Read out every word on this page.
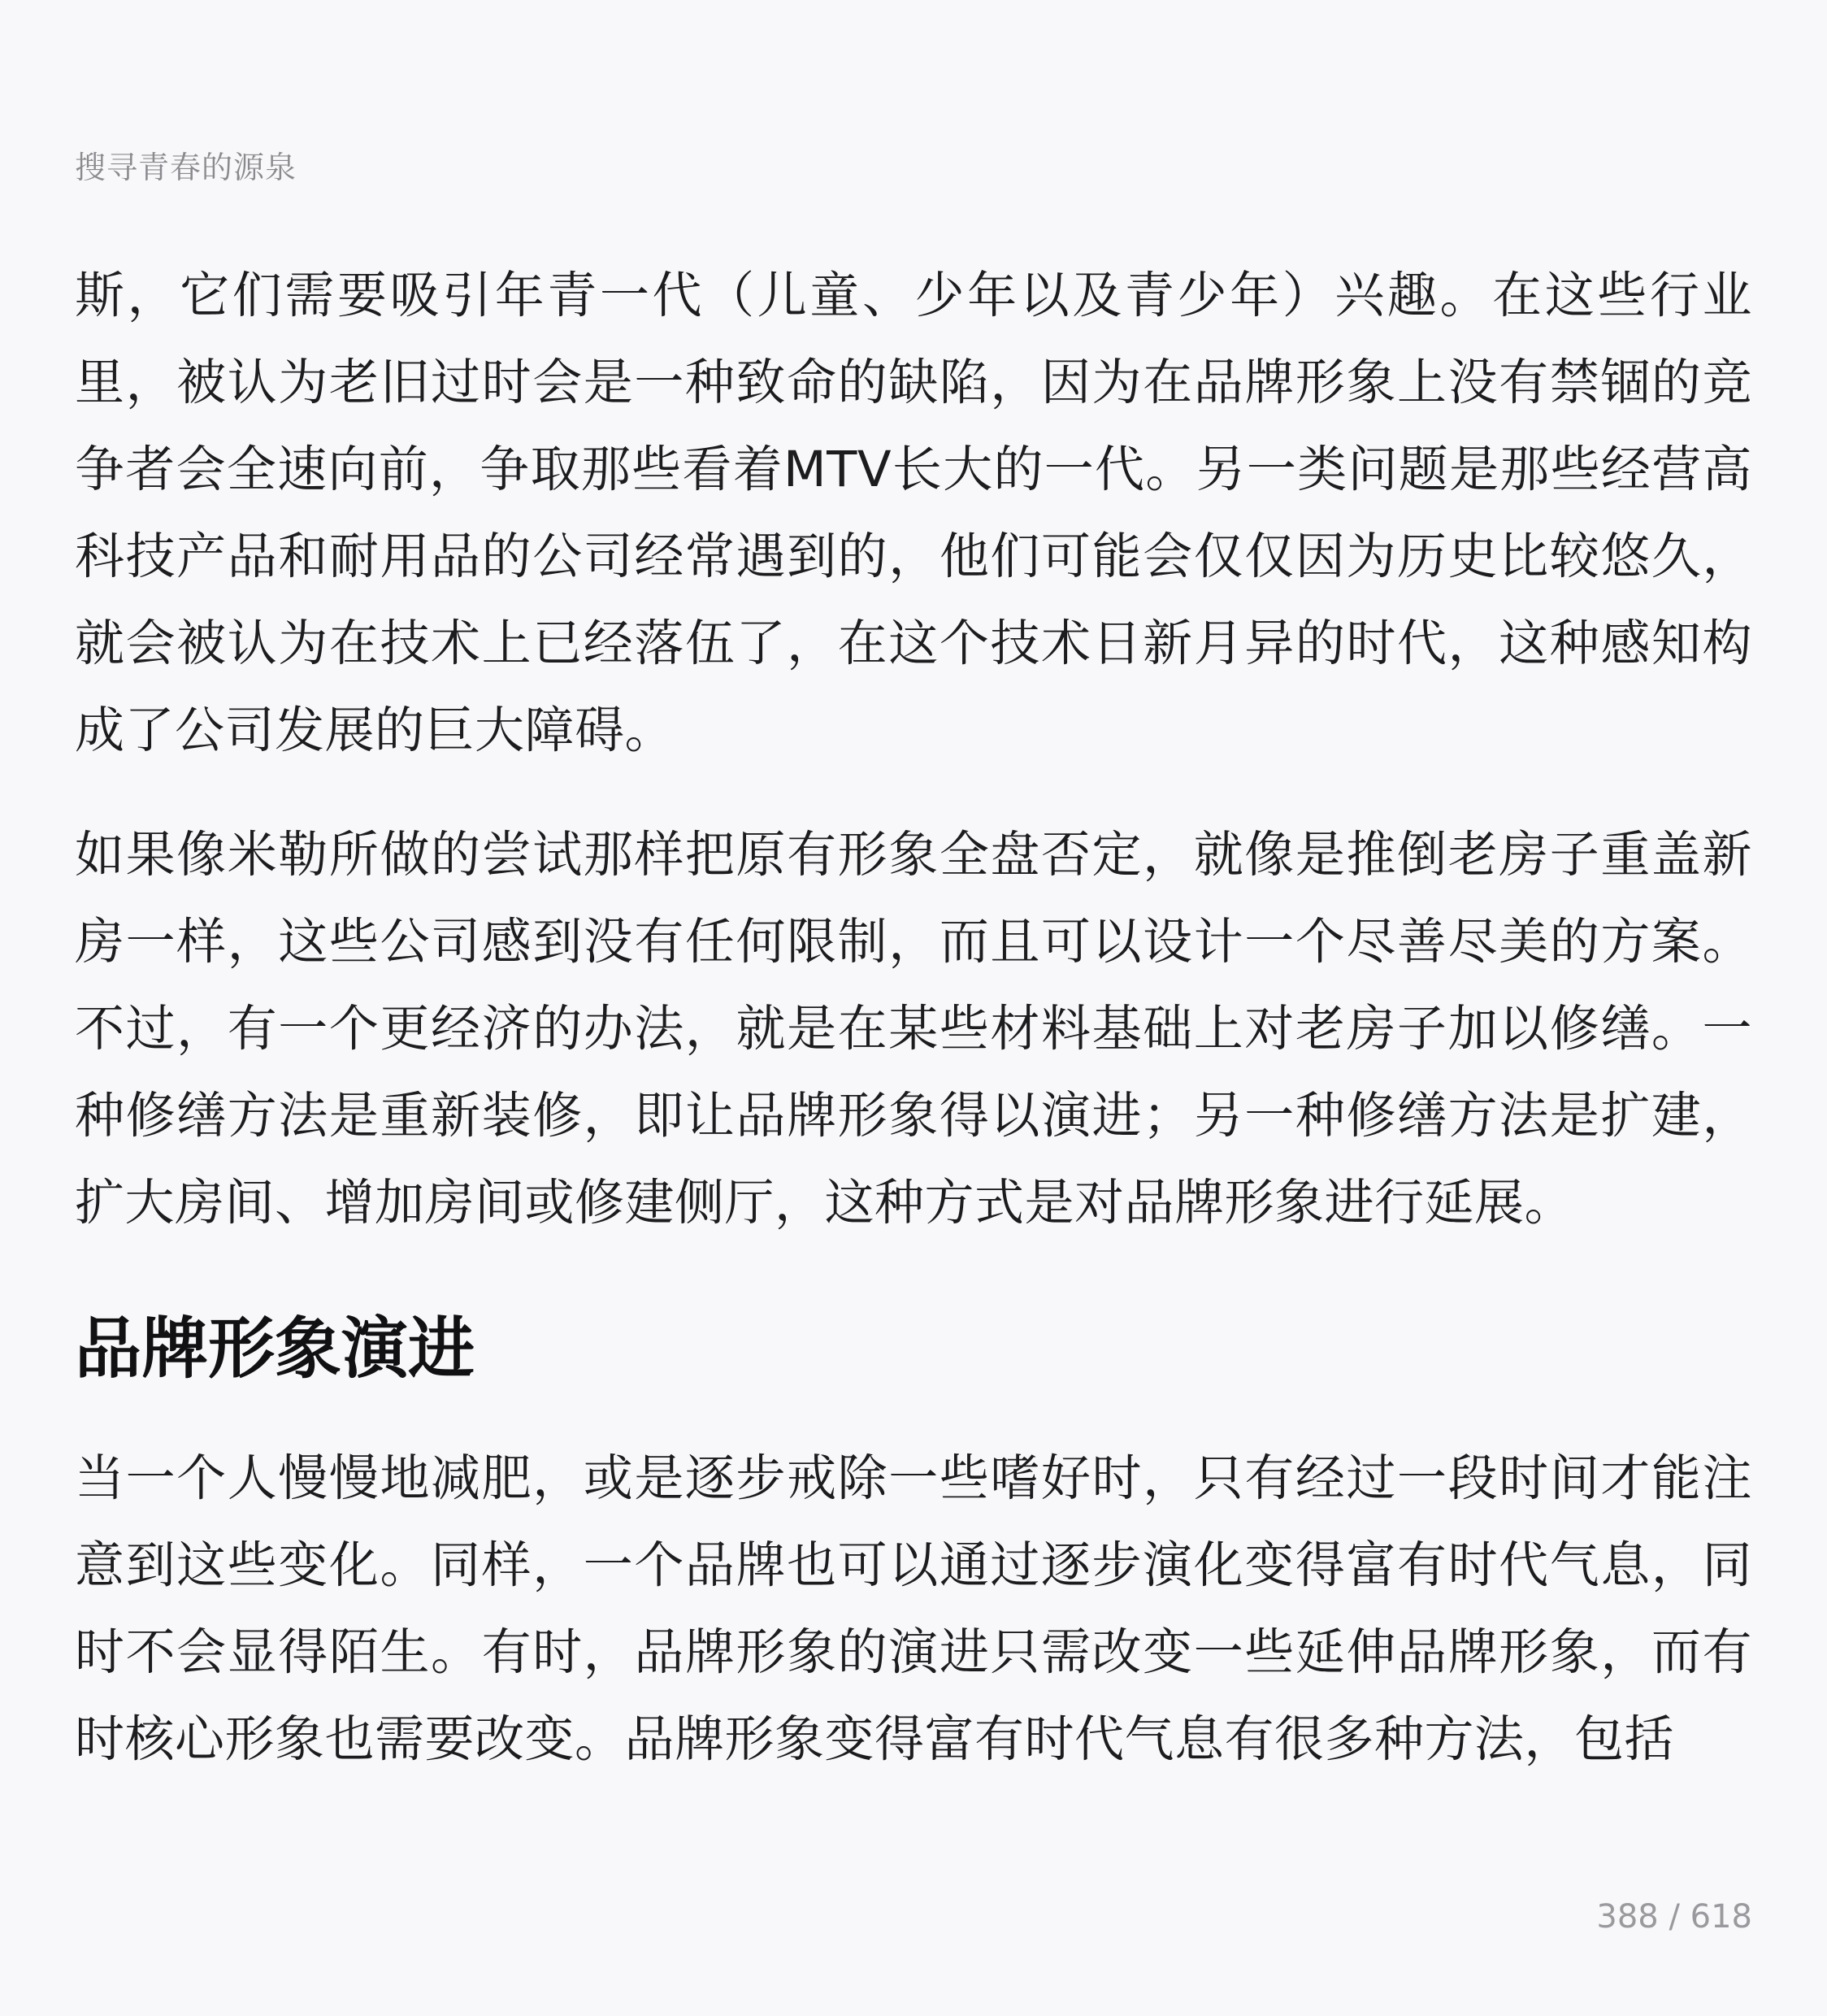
搜寻青春的源泉

斯，它们需要吸引年青一代（儿童、少年以及青少年）兴趣。在这些行业里，被认为老旧过时会是一种致命的缺陷，因为在品牌形象上没有禁锢的竞争者会全速向前，争取那些看着MTV长大的一代。另一类问题是那些经营高科技产品和耐用品的公司经常遇到的，他们可能会仅仅因为历史比较悠久，就会被认为在技术上已经落伍了，在这个技术日新月异的时代，这种感知构成了公司发展的巨大障碍。

如果像米勒所做的尝试那样把原有形象全盘否定，就像是推倒老房子重盖新房一样，这些公司感到没有任何限制，而且可以设计一个尽善尽美的方案。不过，有一个更经济的办法，就是在某些材料基础上对老房子加以修缮。一种修缮方法是重新装修，即让品牌形象得以演进；另一种修缮方法是扩建，扩大房间、增加房间或修建侧厅，这种方式是对品牌形象进行延展。

品牌形象演进

当一个人慢慢地减肥，或是逐步戒除一些嗜好时，只有经过一段时间才能注意到这些变化。同样，一个品牌也可以通过逐步演化变得富有时代气息，同时不会显得陌生。有时，品牌形象的演进只需改变一些延伸品牌形象，而有时核心形象也需要改变。品牌形象变得富有时代气息有很多种方法，包括

388 / 618
